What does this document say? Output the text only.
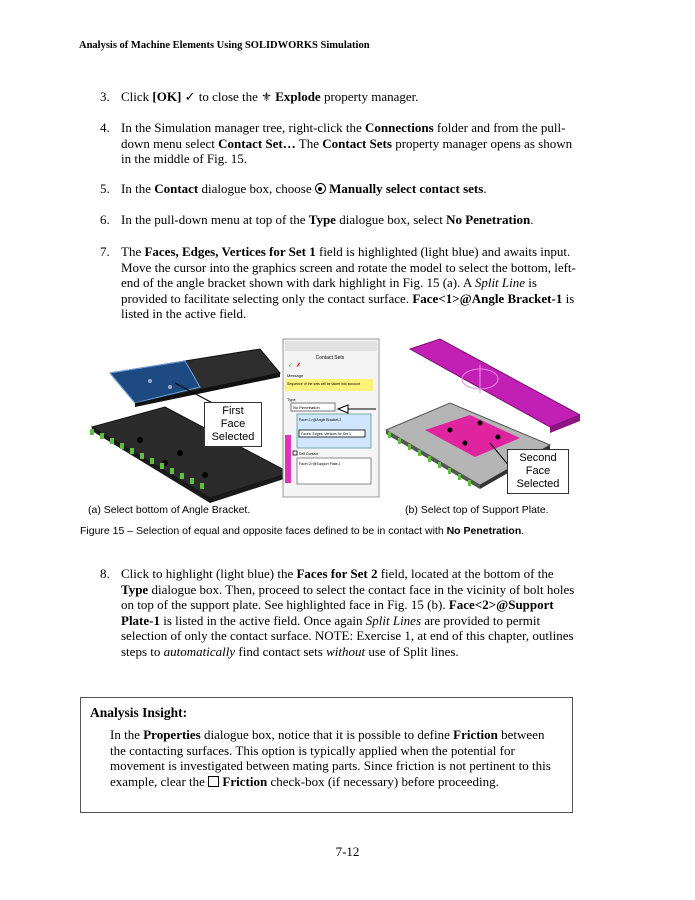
Analysis of Machine Elements Using SOLIDWORKS Simulation
3. Click [OK] ✓ to close the ⚜ Explode property manager.
4. In the Simulation manager tree, right-click the Connections folder and from the pull-down menu select Contact Set… The Contact Sets property manager opens as shown in the middle of Fig. 15.
5. In the Contact dialogue box, choose  Manually select contact sets.
6. In the pull-down menu at top of the Type dialogue box, select No Penetration.
7. The Faces, Edges, Vertices for Set 1 field is highlighted (light blue) and awaits input. Move the cursor into the graphics screen and rotate the model to select the bottom, left-end of the angle bracket shown with dark highlight in Fig. 15 (a). A Split Line is provided to facilitate selecting only the contact surface. Face<1>@Angle Bracket-1 is listed in the active field.
Contact Sets
✓ ✗
Message
Sequence of the sets will be taken into account
Type
No Penetration
Face<1>@Angle Bracket-2
Faces, Edges, Vertices for Set 1
Self Contact
Face<2>@Support Plate-1
First
Face
Selected
Second
Face
Selected
(a) Select bottom of Angle Bracket.	(b) Select top of Support Plate.
Figure 15 – Selection of equal and opposite faces defined to be in contact with No Penetration.
8. Click to highlight (light blue) the Faces for Set 2 field, located at the bottom of the Type dialogue box. Then, proceed to select the contact face in the vicinity of bolt holes on top of the support plate. See highlighted face in Fig. 15 (b). Face<2>@Support Plate-1 is listed in the active field. Once again Split Lines are provided to permit selection of only the contact surface. NOTE: Exercise 1, at end of this chapter, outlines steps to automatically find contact sets without use of Split lines.
Analysis Insight:
In the Properties dialogue box, notice that it is possible to define Friction between the contacting surfaces. This option is typically applied when the potential for movement is investigated between mating parts. Since friction is not pertinent to this example, clear the  Friction check-box (if necessary) before proceeding.
7-12
